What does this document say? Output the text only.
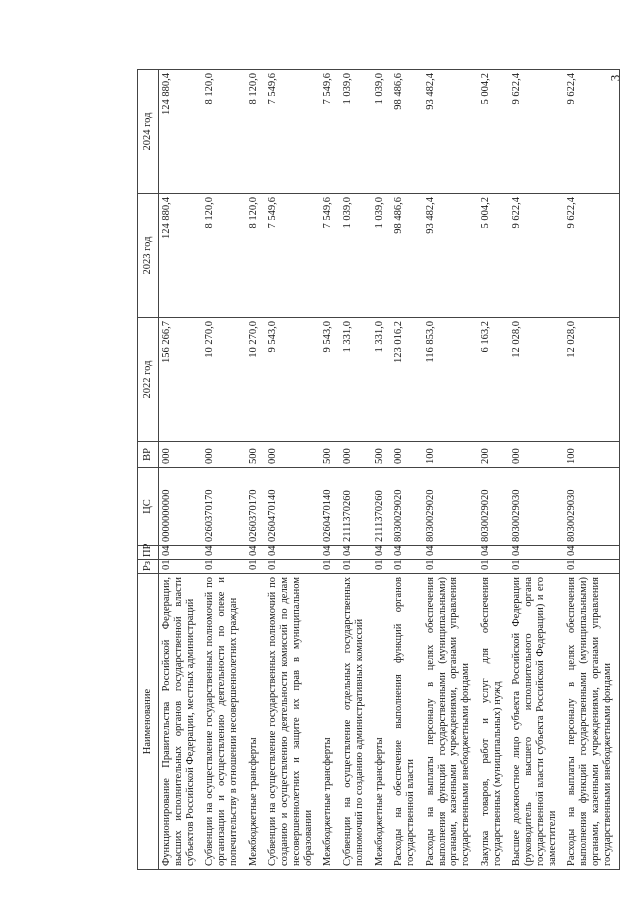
3
Наименование	Рз	ПР	ЦС	ВР	2022 год	2023 год	2024 год
Функционирование Правительства Российской Федерации, высших исполнительных органов государственной власти субъектов Российской Федерации, местных администраций	01	04	0000000000	000	156 266,7	124 880,4	124 880,4
Субвенции на осуществление государственных полномочий по организации и осуществлению деятельности по опеке и попечительству в отношении несовершеннолетних граждан	01	04	0260370170	000	10 270,0	8 120,0	8 120,0
Межбюджетные трансферты	01	04	0260370170	500	10 270,0	8 120,0	8 120,0
Субвенции на осуществление государственных полномочий по созданию и осуществлению деятельности комиссий по делам несовершеннолетних и защите их прав в муниципальном образовании	01	04	0260470140	000	9 543,0	7 549,6	7 549,6
Межбюджетные трансферты	01	04	0260470140	500	9 543,0	7 549,6	7 549,6
Субвенции на осуществление отдельных государственных полномочий по созданию административных комиссий	01	04	2111370260	000	1 331,0	1 039,0	1 039,0
Межбюджетные трансферты	01	04	2111370260	500	1 331,0	1 039,0	1 039,0
Расходы на обеспечение выполнения функций органов государственной власти	01	04	8030029020	000	123 016,2	98 486,6	98 486,6
Расходы на выплаты персоналу в целях обеспечения выполнения функций государственными (муниципальными) органами, казенными учреждениями, органами управления государственными внебюджетными фондами	01	04	8030029020	100	116 853,0	93 482,4	93 482,4
Закупка товаров, работ и услуг для обеспечения государственных (муниципальных) нужд	01	04	8030029020	200	6 163,2	5 004,2	5 004,2
Высшее должностное лицо субъекта Российской Федерации (руководитель высшего исполнительного органа государственной власти субъекта Российской Федерации) и его заместители	01	04	8030029030	000	12 028,0	9 622,4	9 622,4
Расходы на выплаты персоналу в целях обеспечения выполнения функций государственными (муниципальными) органами, казенными учреждениями, органами управления государственными внебюджетными фондами	01	04	8030029030	100	12 028,0	9 622,4	9 622,4
